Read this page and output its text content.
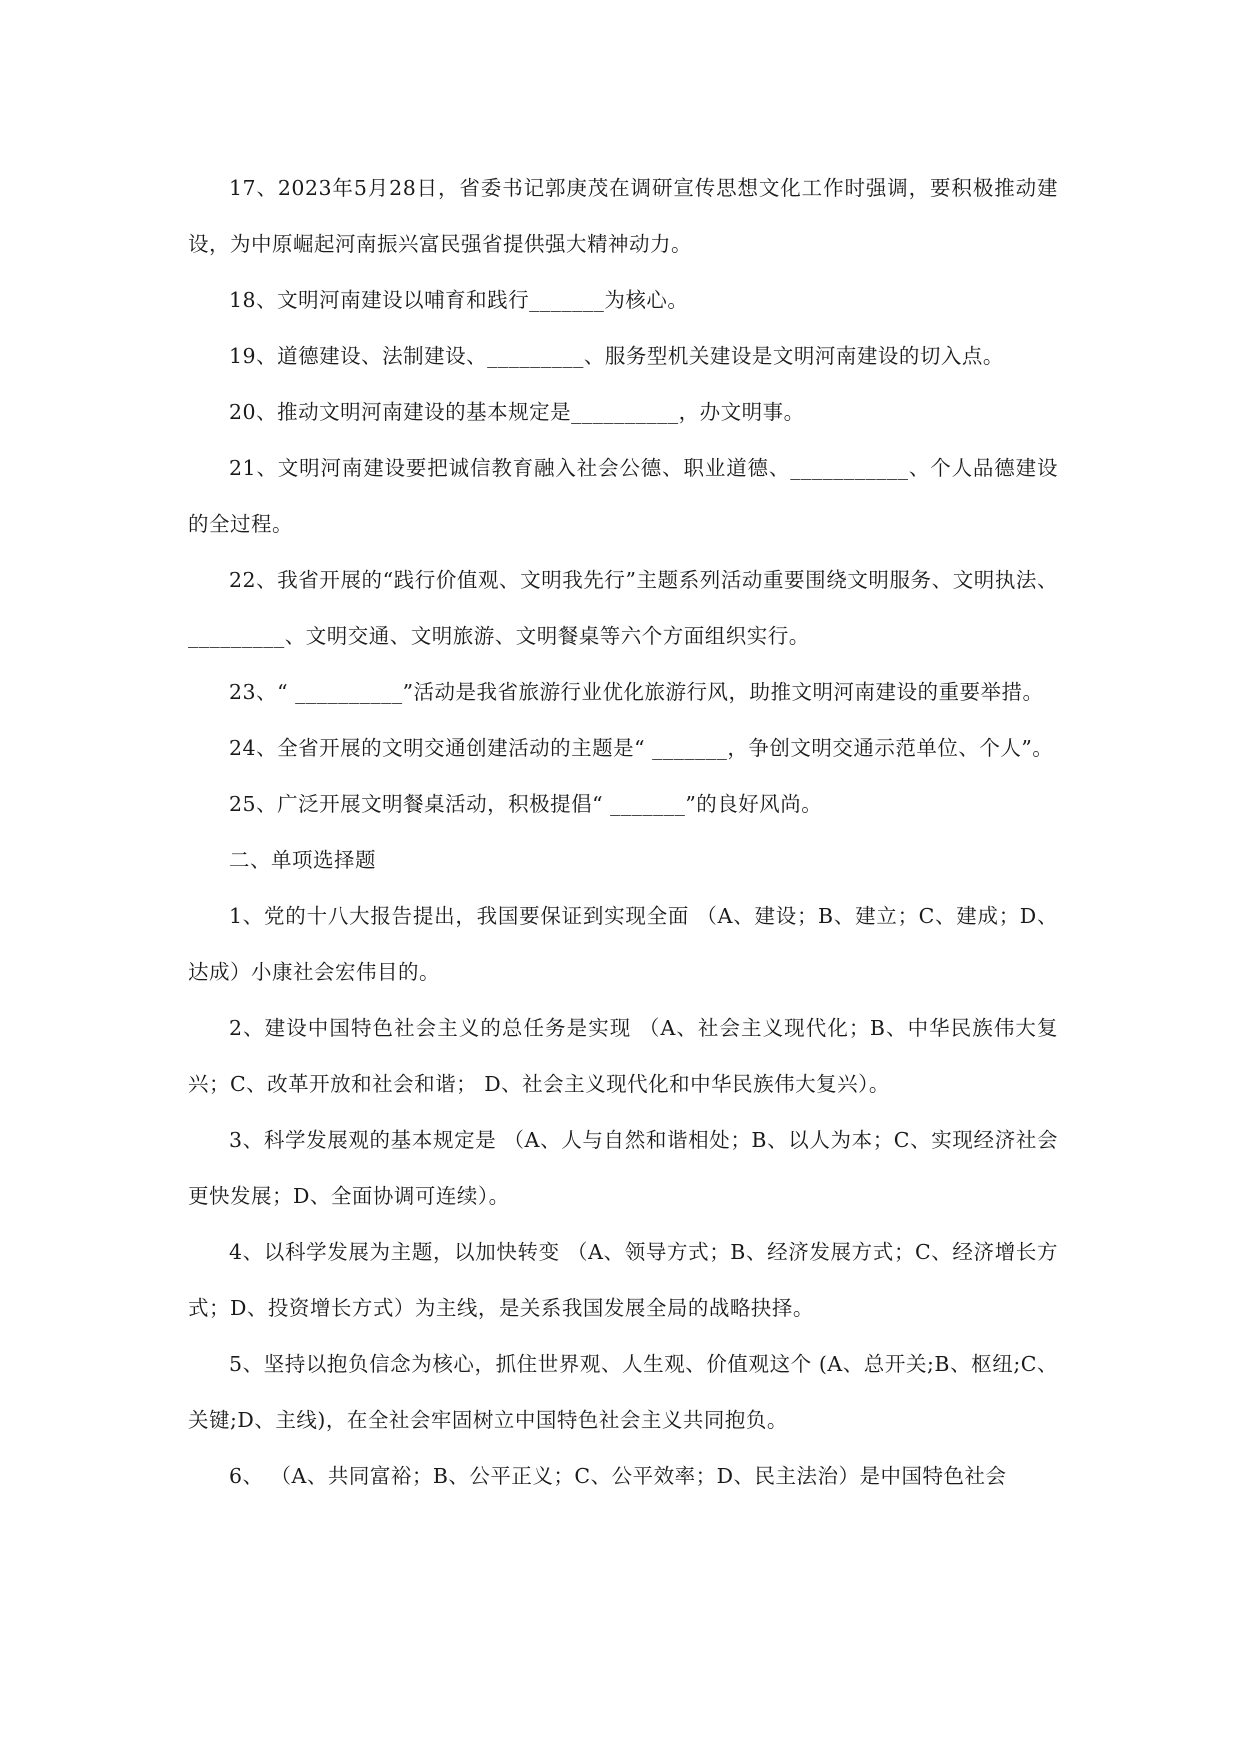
17、2023年5月28日，省委书记郭庚茂在调研宣传思想文化工作时强调，要积极推动建设，为中原崛起河南振兴富民强省提供强大精神动力。

18、文明河南建设以哺育和践行_______为核心。

19、道德建设、法制建设、_________、服务型机关建设是文明河南建设的切入点。

20、推动文明河南建设的基本规定是__________，办文明事。

21、文明河南建设要把诚信教育融入社会公德、职业道德、___________、个人品德建设的全过程。

22、我省开展的“践行价值观、文明我先行”主题系列活动重要围绕文明服务、文明执法、_________、文明交通、文明旅游、文明餐桌等六个方面组织实行。

23、“ __________”活动是我省旅游行业优化旅游行风，助推文明河南建设的重要举措。

24、全省开展的文明交通创建活动的主题是“ _______，争创文明交通示范单位、个人”。

25、广泛开展文明餐桌活动，积极提倡“ _______”的良好风尚。

二、单项选择题

1、党的十八大报告提出，我国要保证到实现全面 （A、建设；B、建立；C、建成；D、达成）小康社会宏伟目的。

2、建设中国特色社会主义的总任务是实现 （A、社会主义现代化；B、中华民族伟大复兴；C、改革开放和社会和谐； D、社会主义现代化和中华民族伟大复兴）。

3、科学发展观的基本规定是 （A、人与自然和谐相处；B、以人为本；C、实现经济社会更快发展；D、全面协调可连续）。

4、以科学发展为主题，以加快转变 （A、领导方式；B、经济发展方式；C、经济增长方式；D、投资增长方式）为主线，是关系我国发展全局的战略抉择。

5、坚持以抱负信念为核心，抓住世界观、人生观、价值观这个 (A、总开关;B、枢纽;C、关键;D、主线)，在全社会牢固树立中国特色社会主义共同抱负。

6、 （A、共同富裕；B、公平正义；C、公平效率；D、民主法治）是中国特色社会
